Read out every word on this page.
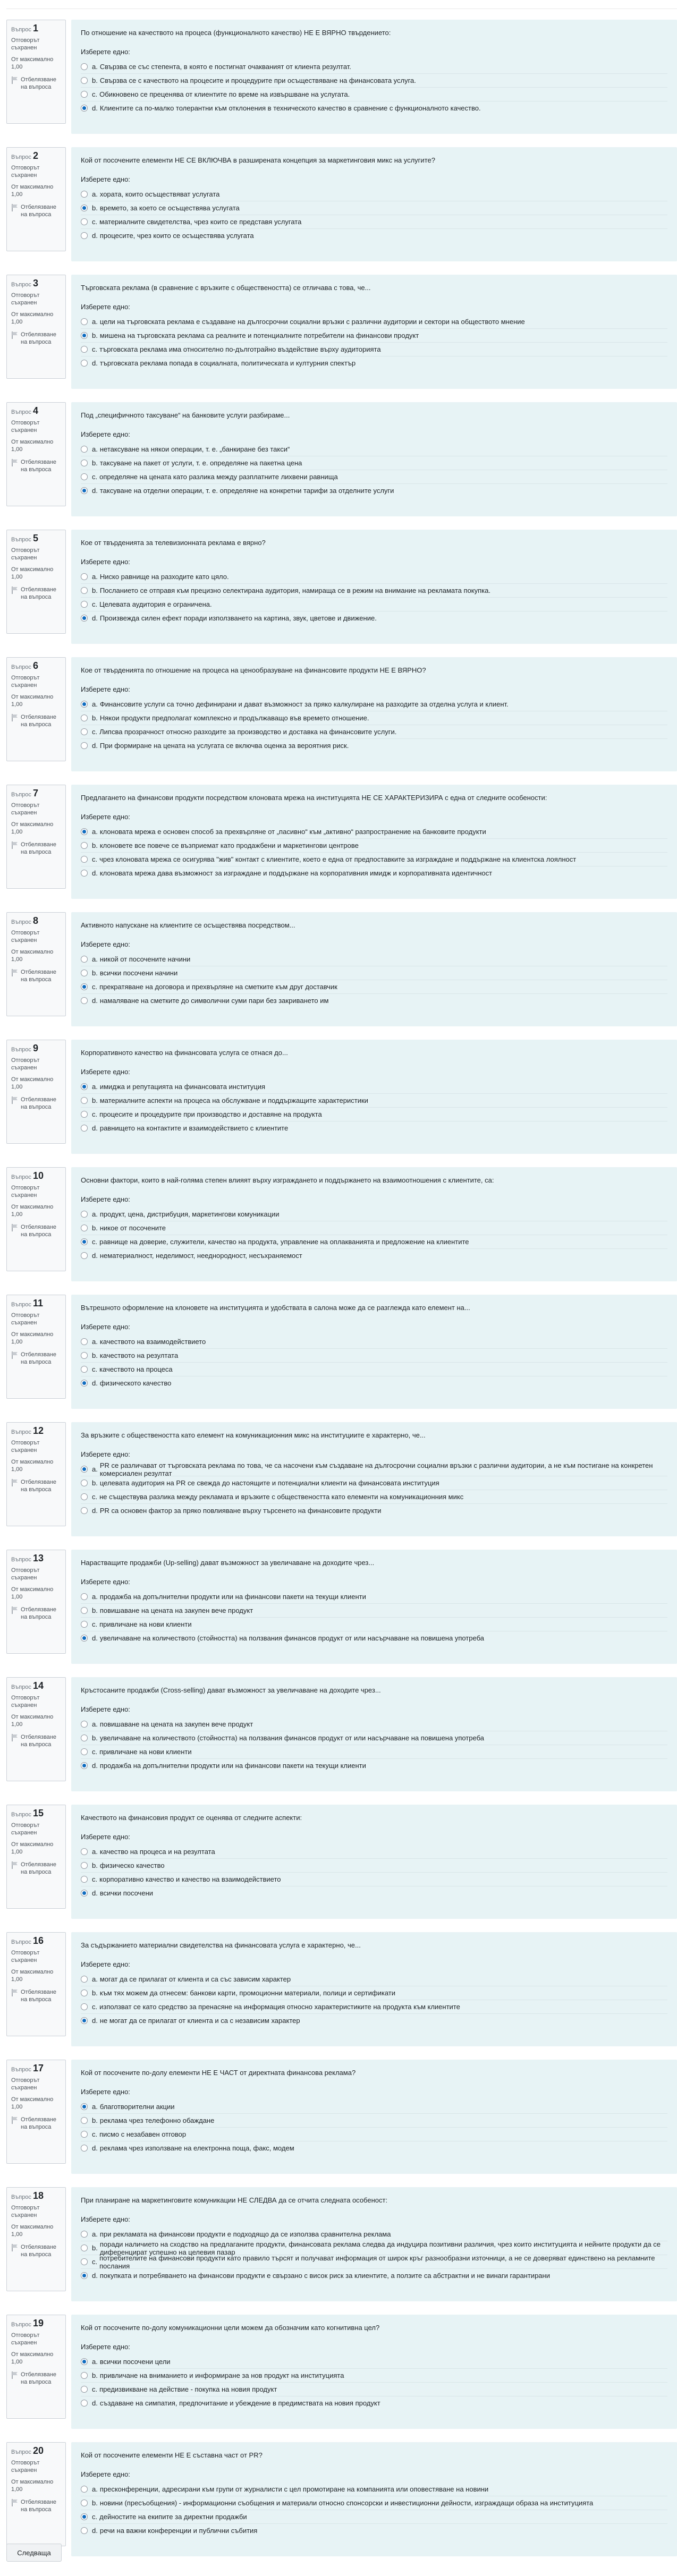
Въпрос 1
Отговорът съхранен
От максимално 1,00
Отбелязване на въпроса
По отношение на качеството на процеса (функционалното качество) НЕ Е ВЯРНО твърдението:
Изберете едно:
a. Свързва се със степента, в която е постигнат очакваният от клиента резултат.
b. Свързва се с качеството на процесите и процедурите при осъществяване на финансовата услуга.
c. Обикновено се преценява от клиентите по време на извършване на услугата.
d. Клиентите са по-малко толерантни към отклонения в техническото качество в сравнение с функционалното качество.
Въпрос 2
Отговорът съхранен
От максимално 1,00
Отбелязване на въпроса
Кой от посочените елементи НЕ СЕ ВКЛЮЧВА в разширената концепция за маркетинговия микс на услугите?
Изберете едно:
a. хората, които осъществяват услугата
b. времето, за което се осъществява услугата
c. материалните свидетелства, чрез които се представя услугата
d. процесите, чрез които се осъществява услугата
Въпрос 3
Отговорът съхранен
От максимално 1,00
Отбелязване на въпроса
Търговската реклама (в сравнение с връзките с обществеността) се отличава с това, че...
Изберете едно:
a. цели на търговската реклама е създаване на дългосрочни социални връзки с различни аудитории и сектори на обществото мнение
b. мишена на търговската реклама са реалните и потенциалните потребители на финансови продукт
c. търговската реклама има относително по-дълготрайно въздействие върху аудиторията
d. търговската реклама попада в социалната, политическата и културния спектър
Въпрос 4
Отговорът съхранен
От максимално 1,00
Отбелязване на въпроса
Под „специфичното таксуване“ на банковите услуги разбираме...
Изберете едно:
a. нетаксуване на някои операции, т. е. „банкиране без такси“
b. таксуване на пакет от услуги, т. е. определяне на пакетна цена
c. определяне на цената като разлика между разплатните лихвени равнища
d. таксуване на отделни операции, т. е. определяне на конкретни тарифи за отделните услуги
Въпрос 5
Отговорът съхранен
От максимално 1,00
Отбелязване на въпроса
Кое от твърденията за телевизионната реклама е вярно?
Изберете едно:
a. Ниско равнище на разходите като цяло.
b. Посланието се отправя към прецизно селектирана аудитория, намираща се в режим на внимание на рекламата покупка.
c. Целевата аудитория е ограничена.
d. Произвежда силен ефект поради използването на картина, звук, цветове и движение.
Въпрос 6
Отговорът съхранен
От максимално 1,00
Отбелязване на въпроса
Кое от твърденията по отношение на процеса на ценообразуване на финансовите продукти НЕ Е ВЯРНО?
Изберете едно:
a. Финансовите услуги са точно дефинирани и дават възможност за пряко калкулиране на разходите за отделна услуга и клиент.
b. Някои продукти предполагат комплексно и продължаващо във времето отношение.
c. Липсва прозрачност относно разходите за производство и доставка на финансовите услуги.
d. При формиране на цената на услугата се включва оценка за вероятния риск.
Въпрос 7
Отговорът съхранен
От максимално 1,00
Отбелязване на въпроса
Предлагането на финансови продукти посредством клоновата мрежа на институцията НЕ СЕ ХАРАКТЕРИЗИРА с една от следните особености:
Изберете едно:
a. клоновата мрежа е основен способ за прехвърляне от „пасивно“ към „активно“ разпространение на банковите продукти
b. клоновете все повече се възприемат като продажбени и маркетингови центрове
c. чрез клоновата мрежа се осигурява "жив" контакт с клиентите, което е една от предпоставките за изграждане и поддържане на клиентска лоялност
d. клоновата мрежа дава възможност за изграждане и поддържане на корпоративния имидж и корпоративната идентичност
Въпрос 8
Отговорът съхранен
От максимално 1,00
Отбелязване на въпроса
Активното напускане на клиентите се осъществява посредством...
Изберете едно:
a. никой от посочените начини
b. всички посочени начини
c. прекратяване на договора и прехвърляне на сметките към друг доставчик
d. намаляване на сметките до символични суми пари без закриването им
Въпрос 9
Отговорът съхранен
От максимално 1,00
Отбелязване на въпроса
Корпоративното качество на финансовата услуга се отнася до...
Изберете едно:
a. имиджа и репутацията на финансовата институция
b. материалните аспекти на процеса на обслужване и поддържащите характеристики
c. процесите и процедурите при производство и доставяне на продукта
d. равнището на контактите и взаимодействието с клиентите
Въпрос 10
Отговорът съхранен
От максимално 1,00
Отбелязване на въпроса
Основни фактори, които в най-голяма степен влияят върху изграждането и поддържането на взаимоотношения с клиентите, са:
Изберете едно:
a. продукт, цена, дистрибуция, маркетингови комуникации
b. никое от посочените
c. равнище на доверие, служители, качество на продукта, управление на оплакванията и предложение на клиентите
d. нематериалност, неделимост, нееднородност, несъхраняемост
Въпрос 11
Отговорът съхранен
От максимално 1,00
Отбелязване на въпроса
Вътрешното оформление на клоновете на институцията и удобствата в салона може да се разглежда като елемент на...
Изберете едно:
a. качеството на взаимодействието
b. качеството на резултата
c. качеството на процеса
d. физическото качество
Въпрос 12
Отговорът съхранен
От максимално 1,00
Отбелязване на въпроса
За връзките с обществеността като елемент на комуникационния микс на институциите е характерно, че...
Изберете едно:
a. PR се различават от търговската реклама по това, че са насочени към създаване на дългосрочни социални връзки с различни аудитории, а не към постигане на конкретен комерсиален резултат
b. целевата аудитория на PR се свежда до настоящите и потенциални клиенти на финансовата институция
c. не съществува разлика между рекламата и връзките с обществеността като елементи на комуникационния микс
d. PR са основен фактор за пряко повлияване върху търсенето на финансовите продукти
Въпрос 13
Отговорът съхранен
От максимално 1,00
Отбелязване на въпроса
Нарастващите продажби (Up-selling) дават възможност за увеличаване на доходите чрез...
Изберете едно:
a. продажба на допълнителни продукти или на финансови пакети на текущи клиенти
b. повишаване на цената на закупен вече продукт
c. привличане на нови клиенти
d. увеличаване на количеството (стойността) на ползвания финансов продукт от или насърчаване на повишена употреба
Въпрос 14
Отговорът съхранен
От максимално 1,00
Отбелязване на въпроса
Кръстосаните продажби (Cross-selling) дават възможност за увеличаване на доходите чрез...
Изберете едно:
a. повишаване на цената на закупен вече продукт
b. увеличаване на количеството (стойността) на ползвания финансов продукт от или насърчаване на повишена употреба
c. привличане на нови клиенти
d. продажба на допълнителни продукти или на финансови пакети на текущи клиенти
Въпрос 15
Отговорът съхранен
От максимално 1,00
Отбелязване на въпроса
Качеството на финансовия продукт се оценява от следните аспекти:
Изберете едно:
a. качество на процеса и на резултата
b. физическо качество
c. корпоративно качество и качество на взаимодействието
d. всички посочени
Въпрос 16
Отговорът съхранен
От максимално 1,00
Отбелязване на въпроса
За съдържанието материални свидетелства на финансовата услуга е характерно, че...
Изберете едно:
a. могат да се прилагат от клиента и са със зависим характер
b. към тях можем да отнесем: банкови карти, промоционни материали, полици и сертификати
c. използват се като средство за пренасяне на информация относно характеристиките на продукта към клиентите
d. не могат да се прилагат от клиента и са с независим характер
Въпрос 17
Отговорът съхранен
От максимално 1,00
Отбелязване на въпроса
Кой от посочените по-долу елементи НЕ Е ЧАСТ от директната финансова реклама?
Изберете едно:
a. благотворителни акции
b. реклама чрез телефонно обаждане
c. писмо с незабавен отговор
d. реклама чрез използване на електронна поща, факс, модем
Въпрос 18
Отговорът съхранен
От максимално 1,00
Отбелязване на въпроса
При планиране на маркетинговите комуникации НЕ СЛЕДВА да се отчита следната особеност:
Изберете едно:
a. при рекламата на финансови продукти е подходящо да се използва сравнителна реклама
b. поради наличието на сходство на предлаганите продукти, финансовата реклама следва да индуцира позитивни различия, чрез които институцията и нейните продукти да се диференцират успешно на целевия пазар
c. потребителите на финансови продукти като правило търсят и получават информация от широк кръг разнообразни източници, а не се доверяват единствено на рекламните послания
d. покупката и потребяването на финансови продукти е свързано с висок риск за клиентите, а ползите са абстрактни и не винаги гарантирани
Въпрос 19
Отговорът съхранен
От максимално 1,00
Отбелязване на въпроса
Кой от посочените по-долу комуникационни цели можем да обозначим като когнитивна цел?
Изберете едно:
a. всички посочени цели
b. привличане на вниманието и информиране за нов продукт на институцията
c. предизвикване на действие - покупка на новия продукт
d. създаване на симпатия, предпочитание и убеждение в предимствата на новия продукт
Въпрос 20
Отговорът съхранен
От максимално 1,00
Отбелязване на въпроса
Кой от посочените елементи НЕ Е съставна част от PR?
Изберете едно:
a. пресконференции, адресирани към групи от журналисти с цел промотиране на компанията или оповестяване на новини
b. новини (пресъобщения) - информационни съобщения и материали относно спонсорски и инвестиционни дейности, изграждащи образа на институцията
c. дейностите на екипите за директни продажби
d. речи на важни конференции и публични събития
Следваща
